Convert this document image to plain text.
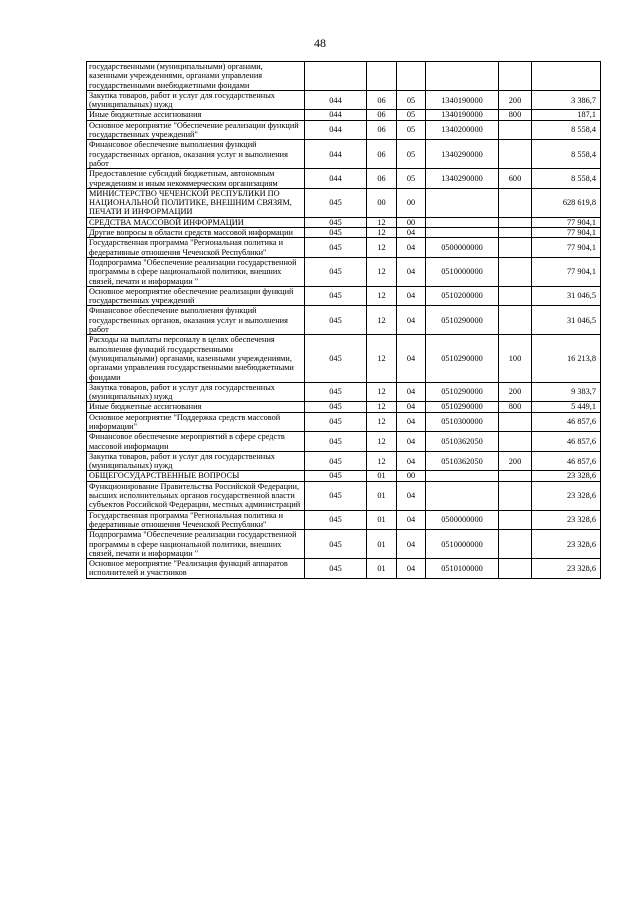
48
государственными (муниципальными) органами, казенными учреждениями, органами управления государственными внебюджетными фондами						
Закупка товаров, работ и услуг для государственных (муниципальных) нужд	044	06	05	1340190000	200	3 386,7
Иные бюджетные ассигнования	044	06	05	1340190000	800	187,1
Основное мероприятие "Обеспечение реализации функций государственных учреждений"	044	06	05	1340200000		8 558,4
Финансовое обеспечение выполнения функций государственных органов, оказания услуг и выполнения работ	044	06	05	1340290000		8 558,4
Предоставление субсидий бюджетным, автономным учреждениям и иным некоммерческим организациям	044	06	05	1340290000	600	8 558,4
МИНИСТЕРСТВО ЧЕЧЕНСКОЙ РЕСПУБЛИКИ ПО НАЦИОНАЛЬНОЙ ПОЛИТИКЕ, ВНЕШНИМ СВЯЗЯМ, ПЕЧАТИ И ИНФОРМАЦИИ	045	00	00			628 619,8
СРЕДСТВА МАССОВОЙ ИНФОРМАЦИИ	045	12	00			77 904,1
Другие вопросы в области средств массовой информации	045	12	04			77 904,1
Государственная программа "Региональная политика и федеративные отношения Чеченской Республики"	045	12	04	0500000000		77 904,1
Подпрограмма "Обеспечение реализации государственной программы в сфере национальной политики, внешних связей, печати и информации "	045	12	04	0510000000		77 904,1
Основное мероприятие обеспечение реализации функций государственных учреждений	045	12	04	0510200000		31 046,5
Финансовое обеспечение выполнения функций государственных органов, оказания услуг и выполнения работ	045	12	04	0510290000		31 046,5
Расходы на выплаты персоналу в целях обеспечения выполнения функций государственными (муниципальными) органами, казенными учреждениями, органами управления государственными внебюджетными фондами	045	12	04	0510290000	100	16 213,8
Закупка товаров, работ и услуг для государственных (муниципальных) нужд	045	12	04	0510290000	200	9 383,7
Иные бюджетные ассигнования	045	12	04	0510290000	800	5 449,1
Основное мероприятие "Поддержка средств массовой информации"	045	12	04	0510300000		46 857,6
Финансовое обеспечение мероприятий в сфере средств массовой информации	045	12	04	0510362050		46 857,6
Закупка товаров, работ и услуг для государственных (муниципальных) нужд	045	12	04	0510362050	200	46 857,6
ОБЩЕГОСУДАРСТВЕННЫЕ ВОПРОСЫ	045	01	00			23 328,6
Функционирование Правительства Российской Федерации, высших исполнительных органов государственной власти субъектов Российской Федерации, местных администраций	045	01	04			23 328,6
Государственная программа "Региональная политика и федеративные отношения Чеченской Республики"	045	01	04	0500000000		23 328,6
Подпрограмма "Обеспечение реализации государственной программы в сфере национальной политики, внешних связей, печати и информации "	045	01	04	0510000000		23 328,6
Основное мероприятие "Реализация функций аппаратов исполнителей и участников	045	01	04	0510100000		23 328,6
